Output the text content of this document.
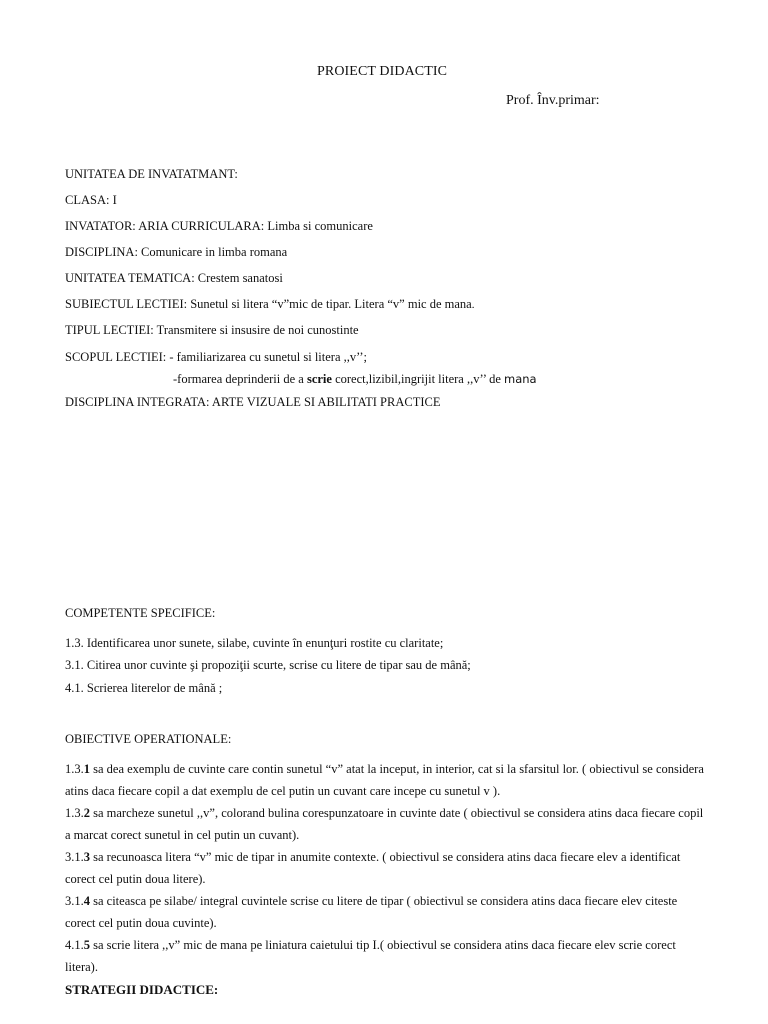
PROIECT DIDACTIC
Prof. Înv.primar:
UNITATEA DE INVATATMANT:
CLASA: I
INVATATOR: ARIA CURRICULARA: Limba si comunicare
DISCIPLINA: Comunicare in limba romana
UNITATEA TEMATICA: Crestem sanatosi
SUBIECTUL LECTIEI: Sunetul si litera “v”mic de tipar. Litera “v” mic de mana.
TIPUL LECTIEI: Transmitere si insusire de noi cunostinte
SCOPUL LECTIEI: - familiarizarea cu sunetul si litera ,,v’’;
-formarea deprinderii de a scrie corect,lizibil,ingrijit litera ,,v’’ de mana
DISCIPLINA INTEGRATA: ARTE VIZUALE SI ABILITATI PRACTICE
COMPETENTE SPECIFICE:
1.3. Identificarea unor sunete, silabe, cuvinte în enunţuri rostite cu claritate;
3.1. Citirea unor cuvinte şi propoziţii scurte, scrise cu litere de tipar sau de mână;
4.1. Scrierea literelor de mână ;
OBIECTIVE OPERATIONALE:
1.3.1 sa dea exemplu de cuvinte care contin sunetul “v” atat la inceput, in interior, cat si la sfarsitul lor. ( obiectivul se considera atins daca fiecare copil a dat exemplu de cel putin un cuvant care incepe cu sunetul v ).
1.3.2 sa marcheze sunetul ,,v”, colorand bulina corespunzatoare in cuvinte date ( obiectivul se considera atins daca fiecare copil a marcat corect sunetul in cel putin un cuvant).
3.1.3 sa recunoasca litera “v” mic de tipar in anumite contexte. ( obiectivul se considera atins daca fiecare elev a identificat corect cel putin doua litere).
3.1.4 sa citeasca pe silabe/ integral cuvintele scrise cu litere de tipar ( obiectivul se considera atins daca fiecare elev citeste corect cel putin doua cuvinte).
4.1.5 sa scrie litera ,,v” mic de mana pe liniatura caietului tip I.( obiectivul se considera atins daca fiecare elev scrie corect litera).
STRATEGII DIDACTICE:
